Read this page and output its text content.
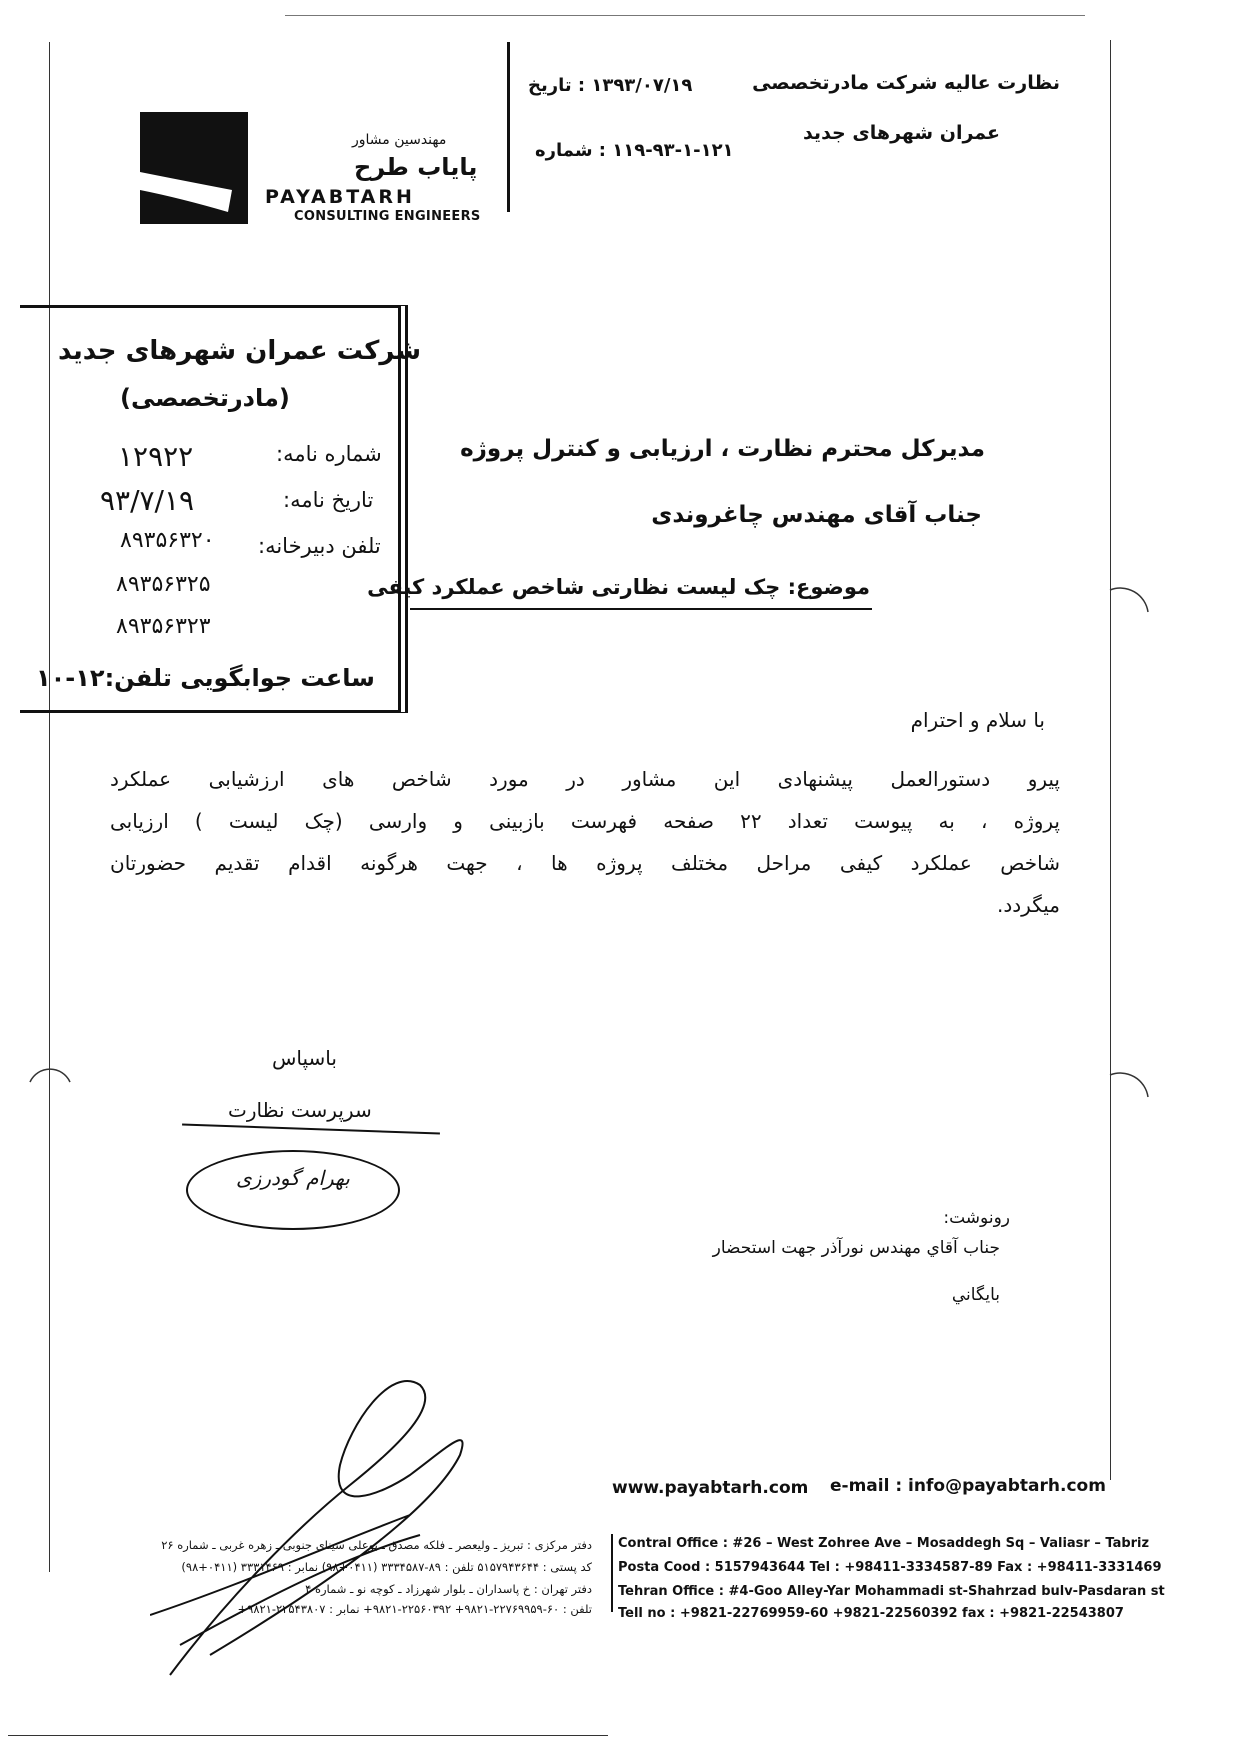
نظارت عالیه شرکت مادرتخصصی
عمران شهرهای جدید
۱۳۹۳/۰۷/۱۹ : تاریخ
۱۱۹-۹۳-۱-۱۲۱ : شماره
مهندسین مشاور
پایاب طرح
PAYABTARH
CONSULTING ENGINEERS
شرکت عمران شهرهای جدید
(مادرتخصصی)
شماره نامه:
۱۲۹۲۲
تاریخ نامه:
۹۳/۷/۱۹
تلفن دبیرخانه:
۸۹۳۵۶۳۲۰
۸۹۳۵۶۳۲۵
۸۹۳۵۶۳۲۳
ساعت جوابگویی تلفن:۱۲-۱۰
مدیرکل محترم نظارت ، ارزیابی و کنترل پروژه
جناب آقای مهندس چاغروندی
موضوع: چک لیست نظارتی شاخص عملکرد کیفی
با سلام و احترام
پیرو دستورالعمل پیشنهادی این مشاور در مورد شاخص های ارزشیابی عملکرد
پروژه ، به پیوست تعداد ۲۲ صفحه فهرست بازبینی و وارسی (چک لیست ) ارزیابی
شاخص عملکرد کیفی مراحل مختلف پروژه ها ، جهت هرگونه اقدام تقدیم حضورتان
میگردد.
باسپاس
سرپرست نظارت
بهرام گودرزی
رونوشت:
جناب آقاي مهندس نورآذر جهت استحضار
بايگاني
www.payabtarh.com e-mail : info@payabtarh.com
Contral Office : #26 – West Zohree Ave – Mosaddegh Sq – Valiasr – Tabriz
Posta Cood : 5157943644 Tel : +98411-3334587-89 Fax : +98411-3331469
Tehran Office : #4-Goo Alley-Yar Mohammadi st-Shahrzad bulv-Pasdaran st
Tell no : +9821-22769959-60 +9821-22560392 fax : +9821-22543807
دفتر مرکزی : تبریز ـ ولیعصر ـ فلکه مصدق ـ بوعلی سینای جنوبی ـ زهره غربی ـ شماره ۲۶
کد پستی : ۵۱۵۷۹۴۳۶۴۴ تلفن : ۸۹-۳۳۳۴۵۸۷ (۰۴۱۱+۹۸) نمابر : ۳۳۳۱۴۶۹ (۰۴۱۱+۹۸)
دفتر تهران : خ پاسداران ـ بلوار شهرزاد ـ کوچه نو ـ شماره ۴
تلفن : ۶۰-۲۲۷۶۹۹۵۹-۹۸۲۱+ ۲۲۵۶۰۳۹۲-۹۸۲۱+ نمابر : ۲۲۵۴۳۸۰۷-۹۸۲۱+
